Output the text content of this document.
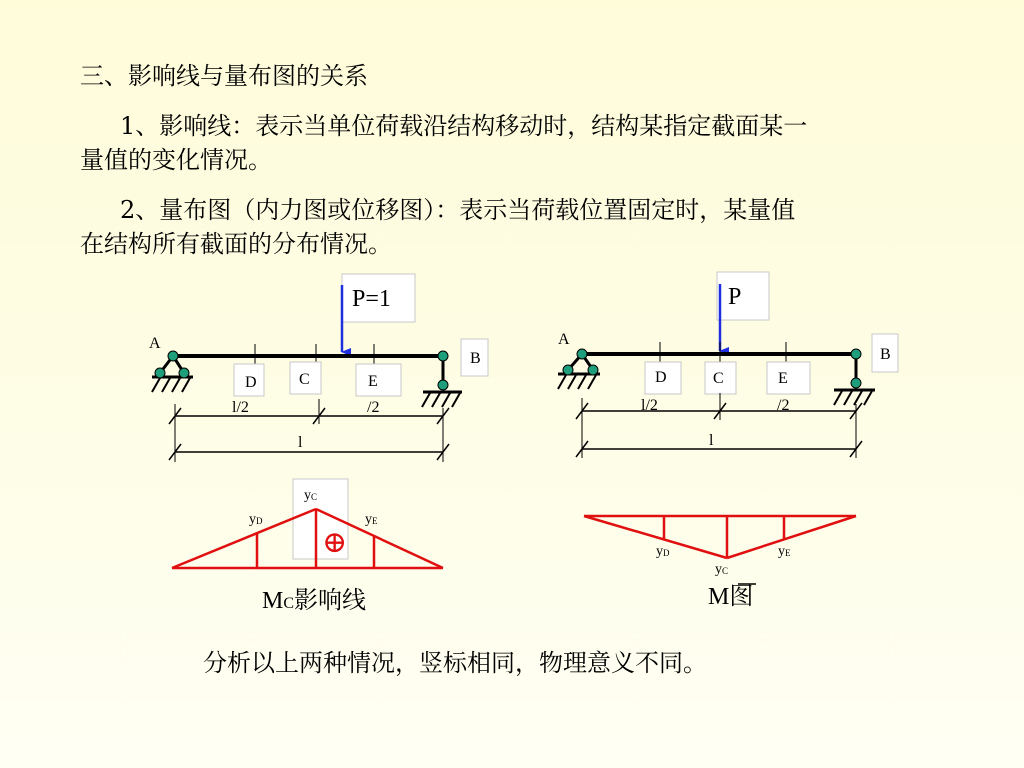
三、影响线与量布图的关系
1、影响线：表示当单位荷载沿结构移动时，结构某指定截面某一
量值的变化情况。
2、量布图（内力图或位移图）：表示当荷载位置固定时，某量值
在结构所有截面的分布情况。
P=1
A
B
D	C	E
l/2	/2
l
yC
yD	yE
⊕
MC影响线
P
A
B
D	C	E
l/2	/2
l
yD	yE
yC
M图
分析以上两种情况，竖标相同，物理意义不同。
